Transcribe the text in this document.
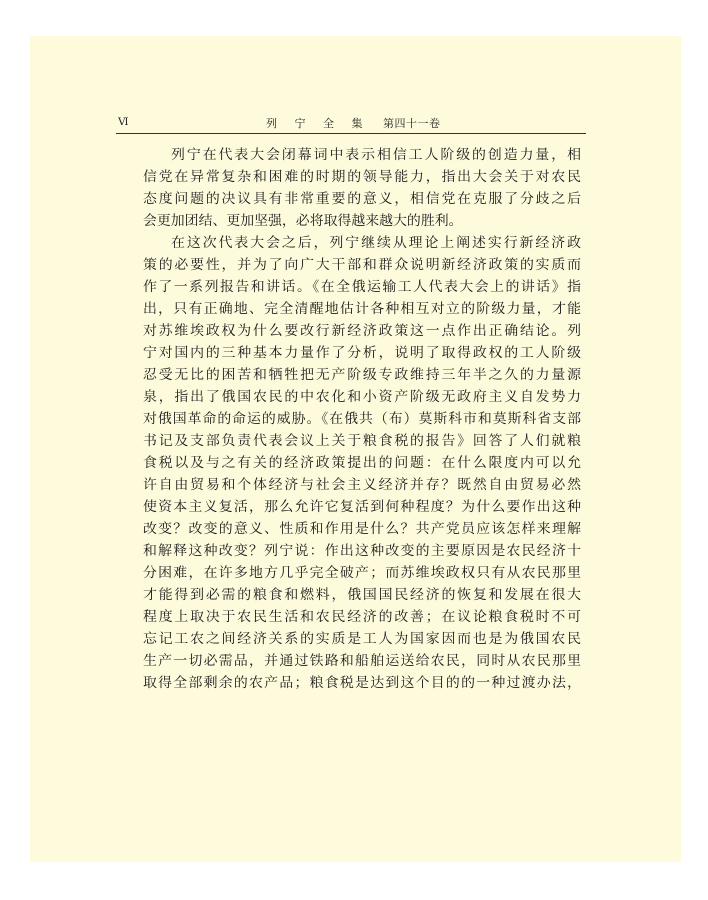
Ⅵ	列 宁 全 集 第四十一卷
列宁在代表大会闭幕词中表示相信工人阶级的创造力量，相
信党在异常复杂和困难的时期的领导能力，指出大会关于对农民
态度问题的决议具有非常重要的意义，相信党在克服了分歧之后
会更加团结、更加坚强，必将取得越来越大的胜利。
在这次代表大会之后，列宁继续从理论上阐述实行新经济政
策的必要性，并为了向广大干部和群众说明新经济政策的实质而
作了一系列报告和讲话。《在全俄运输工人代表大会上的讲话》指
出，只有正确地、完全清醒地估计各种相互对立的阶级力量，才能
对苏维埃政权为什么要改行新经济政策这一点作出正确结论。列
宁对国内的三种基本力量作了分析，说明了取得政权的工人阶级
忍受无比的困苦和牺牲把无产阶级专政维持三年半之久的力量源
泉，指出了俄国农民的中农化和小资产阶级无政府主义自发势力
对俄国革命的命运的威胁。《在俄共（布）莫斯科市和莫斯科省支部
书记及支部负责代表会议上关于粮食税的报告》回答了人们就粮
食税以及与之有关的经济政策提出的问题：在什么限度内可以允
许自由贸易和个体经济与社会主义经济并存？既然自由贸易必然
使资本主义复活，那么允许它复活到何种程度？为什么要作出这种
改变？改变的意义、性质和作用是什么？共产党员应该怎样来理解
和解释这种改变？列宁说：作出这种改变的主要原因是农民经济十
分困难，在许多地方几乎完全破产；而苏维埃政权只有从农民那里
才能得到必需的粮食和燃料，俄国国民经济的恢复和发展在很大
程度上取决于农民生活和农民经济的改善；在议论粮食税时不可
忘记工农之间经济关系的实质是工人为国家因而也是为俄国农民
生产一切必需品，并通过铁路和船舶运送给农民，同时从农民那里
取得全部剩余的农产品；粮食税是达到这个目的的一种过渡办法，
